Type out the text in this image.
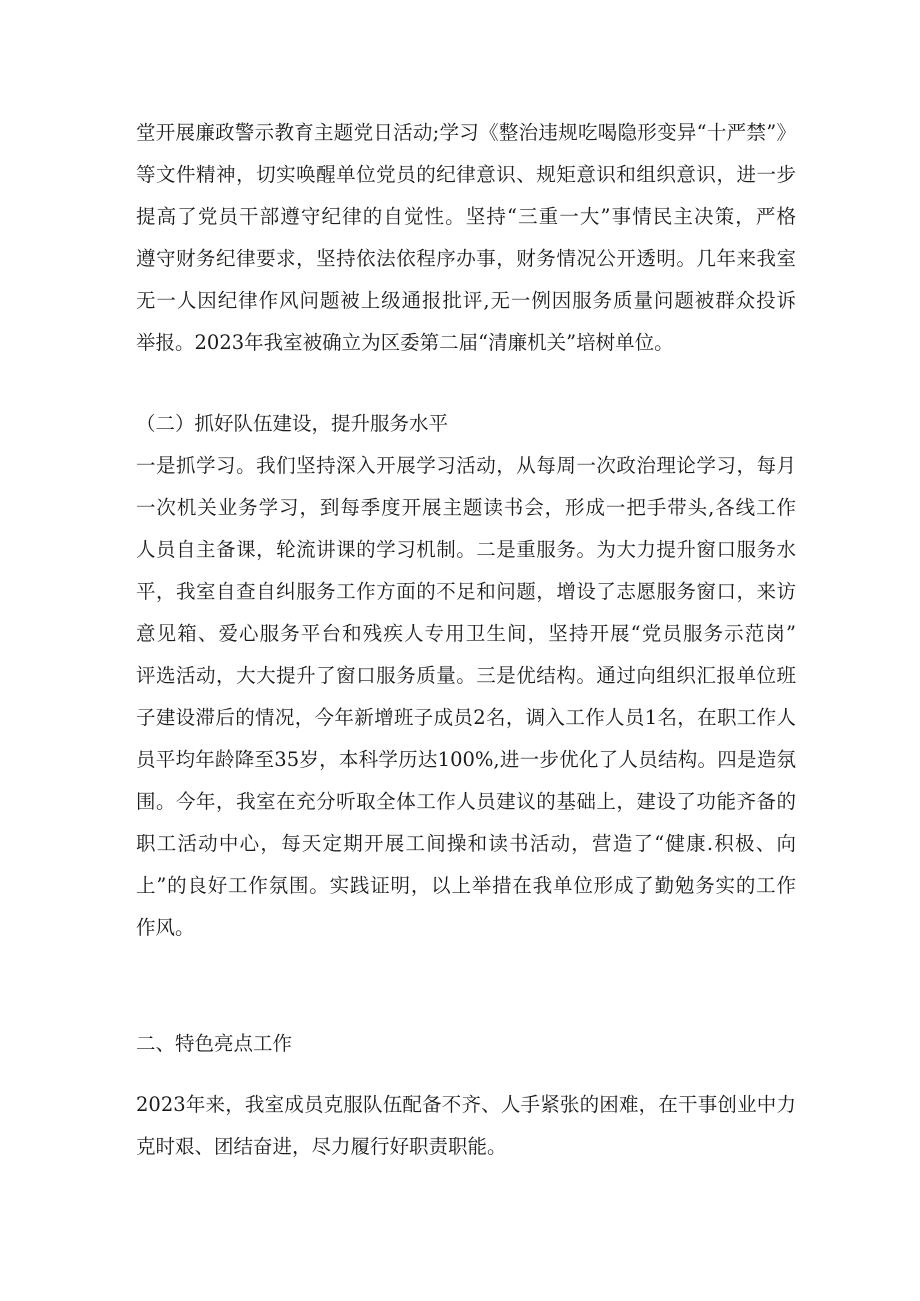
堂开展廉政警示教育主题党日活动;学习《整治违规吃喝隐形变异“十严禁”》
等文件精神，切实唤醒单位党员的纪律意识、规矩意识和组织意识，进一步
提高了党员干部遵守纪律的自觉性。坚持“三重一大”事情民主决策，严格
遵守财务纪律要求，坚持依法依程序办事，财务情况公开透明。几年来我室
无一人因纪律作风问题被上级通报批评,无一例因服务质量问题被群众投诉
举报。2023年我室被确立为区委第二届“清廉机关”培树单位。
（二）抓好队伍建设，提升服务水平
一是抓学习。我们坚持深入开展学习活动，从每周一次政治理论学习，每月
一次机关业务学习，到每季度开展主题读书会，形成一把手带头,各线工作
人员自主备课，轮流讲课的学习机制。二是重服务。为大力提升窗口服务水
平，我室自查自纠服务工作方面的不足和问题，增设了志愿服务窗口，来访
意见箱、爱心服务平台和残疾人专用卫生间，坚持开展“党员服务示范岗”
评选活动，大大提升了窗口服务质量。三是优结构。通过向组织汇报单位班
子建设滞后的情况，今年新增班子成员2名，调入工作人员1名，在职工作人
员平均年龄降至35岁，本科学历达100%,进一步优化了人员结构。四是造氛
围。今年，我室在充分听取全体工作人员建议的基础上，建设了功能齐备的
职工活动中心，每天定期开展工间操和读书活动，营造了“健康.积极、向
上”的良好工作氛围。实践证明，以上举措在我单位形成了勤勉务实的工作
作风。
二、特色亮点工作
2023年来，我室成员克服队伍配备不齐、人手紧张的困难，在干事创业中力
克时艰、团结奋进，尽力履行好职责职能。
